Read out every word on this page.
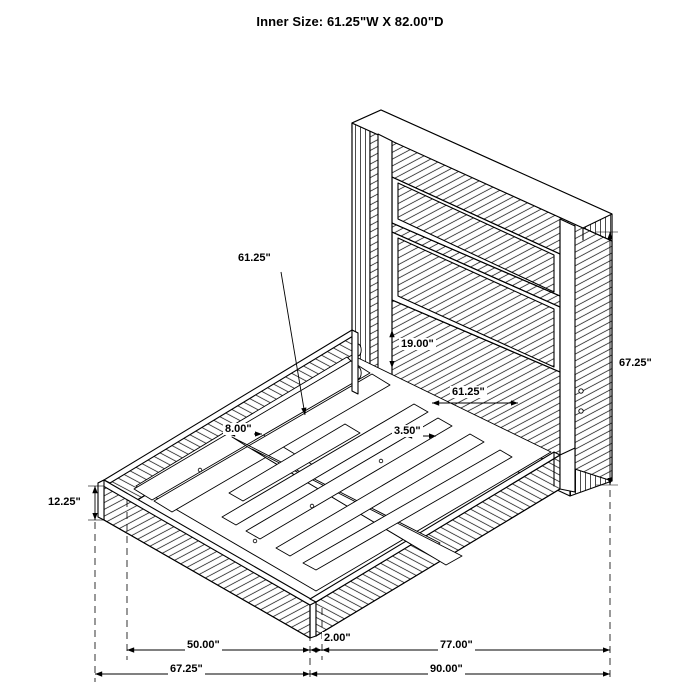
Inner Size: 61.25"W X 82.00"D
61.25"
12.25"
8.00"
19.00"
61.25"
3.50"
67.25"
50.00"
2.00"
77.00"
67.25"	90.00"
